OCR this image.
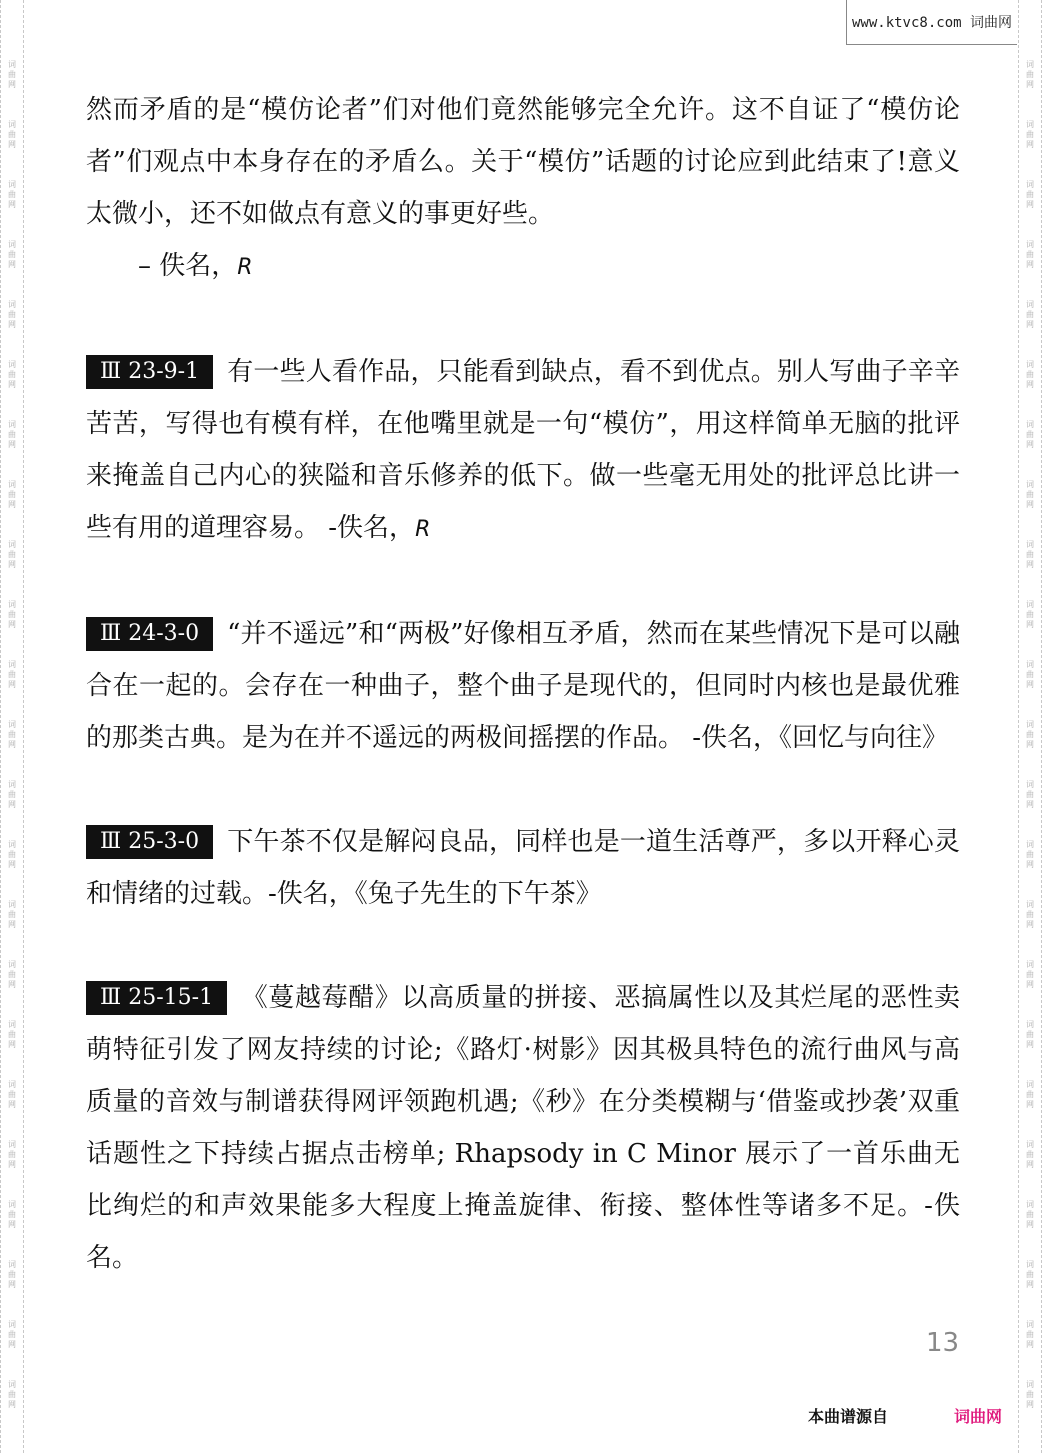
词曲网
词曲网
词曲网
词曲网
词曲网
词曲网
词曲网
词曲网
词曲网
词曲网
词曲网
词曲网
词曲网
词曲网
词曲网
词曲网
词曲网
词曲网
词曲网
词曲网
词曲网
词曲网
词曲网
词曲网
词曲网
词曲网
词曲网
词曲网
词曲网
词曲网
词曲网
词曲网
词曲网
词曲网
词曲网
词曲网
词曲网
词曲网
词曲网
词曲网
词曲网
词曲网
词曲网
词曲网
词曲网
词曲网
www.ktvc8.com 词曲网

然而矛盾的是“模仿论者”们对他们竟然能够完全允许。这不自证了“模仿论者”们观点中本身存在的矛盾么。关于“模仿”话题的讨论应到此结束了!意义太微小，还不如做点有意义的事更好些。
– 佚名，R

Ⅲ 23-9-1 有一些人看作品，只能看到缺点，看不到优点。别人写曲子辛辛苦苦，写得也有模有样，在他嘴里就是一句“模仿”，用这样简单无脑的批评来掩盖自己内心的狭隘和音乐修养的低下。做一些毫无用处的批评总比讲一些有用的道理容易。 -佚名，R

Ⅲ 24-3-0 “并不遥远”和“两极”好像相互矛盾，然而在某些情况下是可以融合在一起的。会存在一种曲子，整个曲子是现代的，但同时内核也是最优雅的那类古典。是为在并不遥远的两极间摇摆的作品。 -佚名，《回忆与向往》

Ⅲ 25-3-0 下午茶不仅是解闷良品，同样也是一道生活尊严，多以开释心灵和情绪的过载。-佚名，《兔子先生的下午茶》

Ⅲ 25-15-1 《蔓越莓醋》以高质量的拼接、恶搞属性以及其烂尾的恶性卖萌特征引发了网友持续的讨论;《路灯·树影》因其极具特色的流行曲风与高质量的音效与制谱获得网评领跑机遇;《秒》在分类模糊与‘借鉴或抄袭’双重话题性之下持续占据点击榜单; Rhapsody in C Minor 展示了一首乐曲无比绚烂的和声效果能多大程度上掩盖旋律、衔接、整体性等诸多不足。-佚名。

13
本曲谱源自	词曲网
